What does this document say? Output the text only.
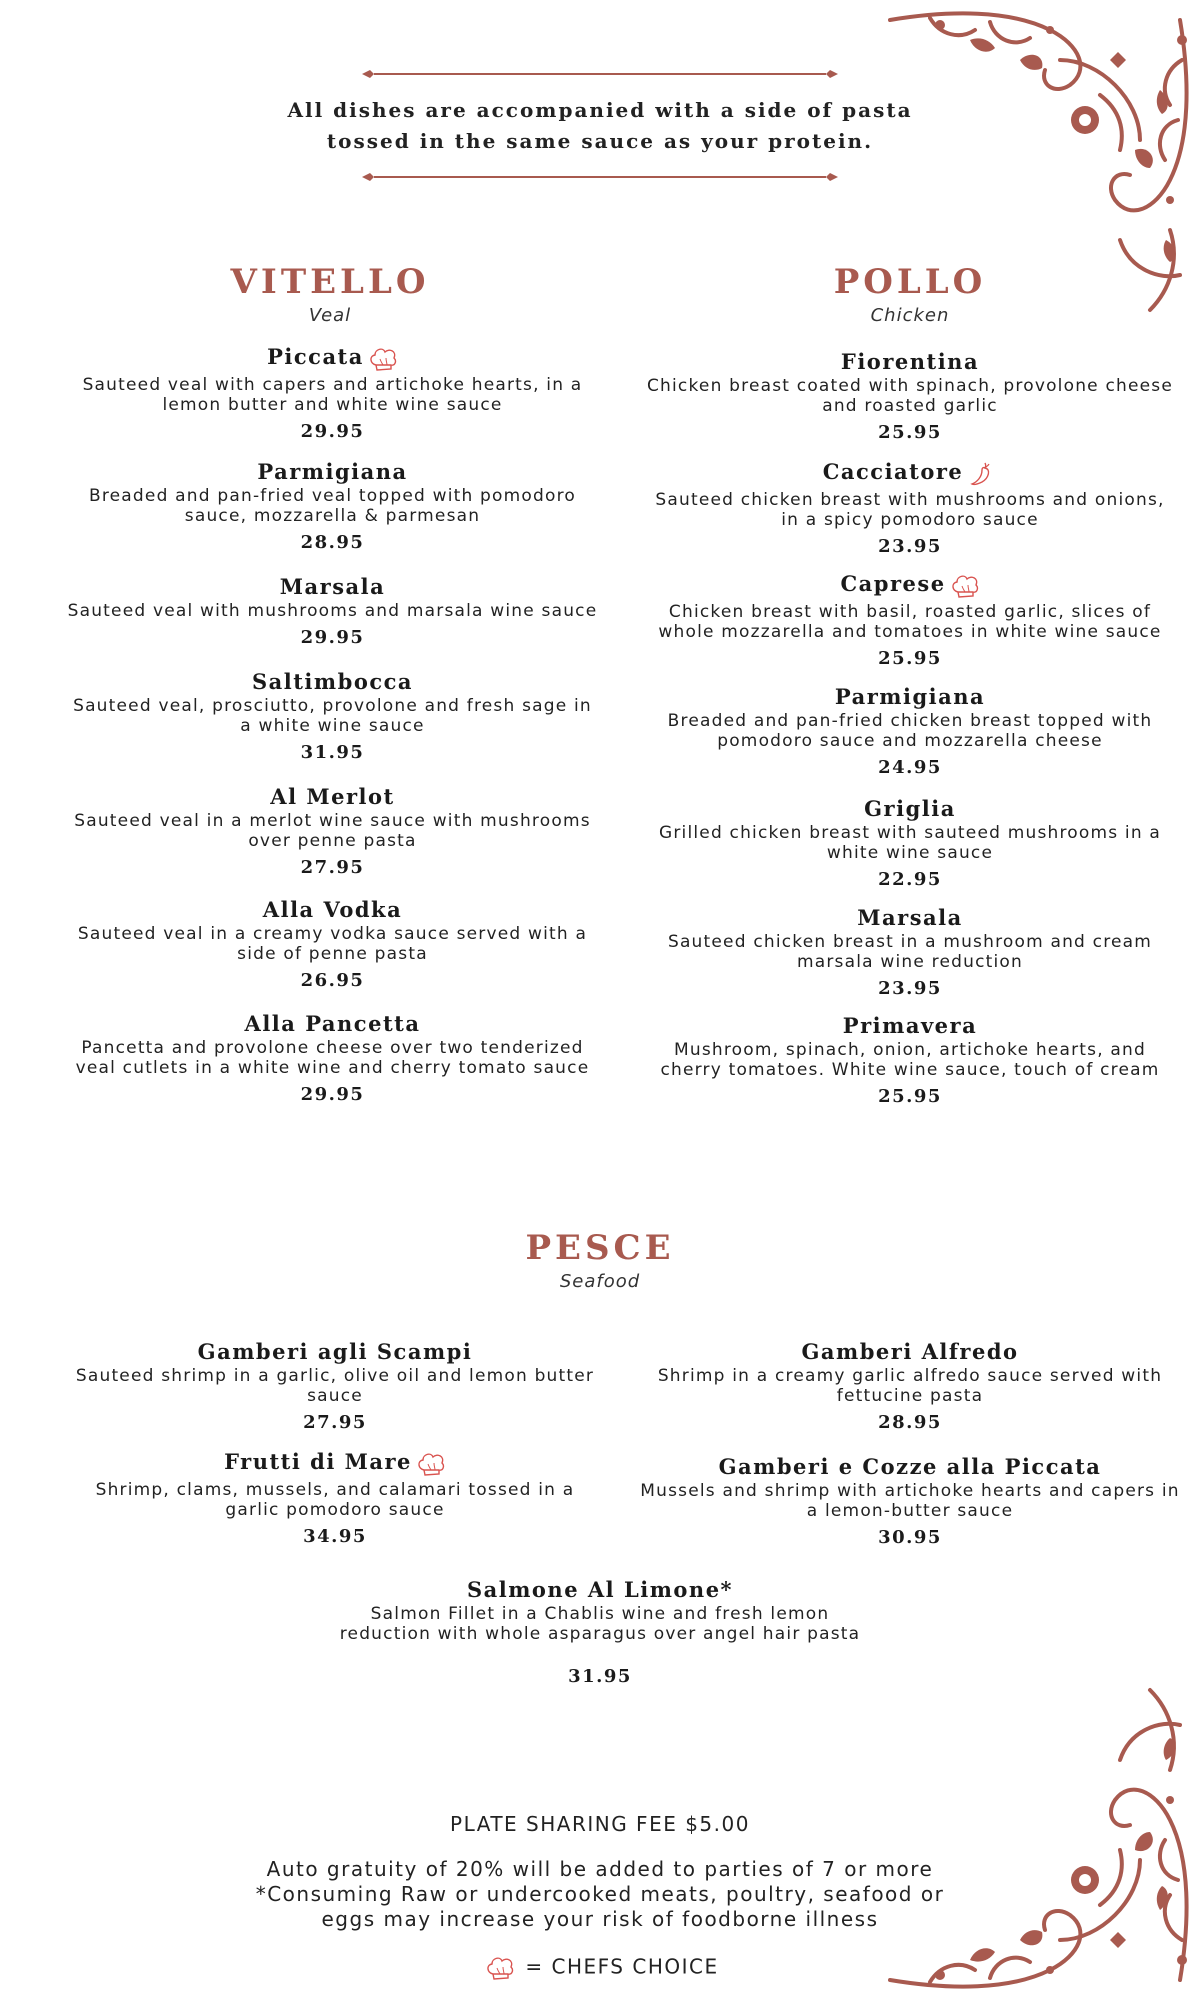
All dishes are accompanied with a side of pasta
tossed in the same sauce as your protein.
VITELLO
Veal
Piccata
Sauteed veal with capers and artichoke hearts, in a lemon butter and white wine sauce
29.95
Parmigiana
Breaded and pan-fried veal topped with pomodoro sauce, mozzarella & parmesan
28.95
Marsala
Sauteed veal with mushrooms and marsala wine sauce
29.95
Saltimbocca
Sauteed veal, prosciutto, provolone and fresh sage in a white wine sauce
31.95
Al Merlot
Sauteed veal in a merlot wine sauce with mushrooms over penne pasta
27.95
Alla Vodka
Sauteed veal in a creamy vodka sauce served with a side of penne pasta
26.95
Alla Pancetta
Pancetta and provolone cheese over two tenderized veal cutlets in a white wine and cherry tomato sauce
29.95
POLLO
Chicken
Fiorentina
Chicken breast coated with spinach, provolone cheese and roasted garlic
25.95
Cacciatore
Sauteed chicken breast with mushrooms and onions, in a spicy pomodoro sauce
23.95
Caprese
Chicken breast with basil, roasted garlic, slices of whole mozzarella and tomatoes in white wine sauce
25.95
Parmigiana
Breaded and pan-fried chicken breast topped with pomodoro sauce and mozzarella cheese
24.95
Griglia
Grilled chicken breast with sauteed mushrooms in a white wine sauce
22.95
Marsala
Sauteed chicken breast in a mushroom and cream marsala wine reduction
23.95
Primavera
Mushroom, spinach, onion, artichoke hearts, and cherry tomatoes. White wine sauce, touch of cream
25.95
PESCE
Seafood
Gamberi agli Scampi
Sauteed shrimp in a garlic, olive oil and lemon butter sauce
27.95
Gamberi Alfredo
Shrimp in a creamy garlic alfredo sauce served with fettucine pasta
28.95
Frutti di Mare
Shrimp, clams, mussels, and calamari tossed in a garlic pomodoro sauce
34.95
Gamberi e Cozze alla Piccata
Mussels and shrimp with artichoke hearts and capers in a lemon-butter sauce
30.95
Salmone Al Limone*
Salmon Fillet in a Chablis wine and fresh lemon
reduction with whole asparagus over angel hair pasta
31.95
PLATE SHARING FEE $5.00
Auto gratuity of 20% will be added to parties of 7 or more
*Consuming Raw or undercooked meats, poultry, seafood or
eggs may increase your risk of foodborne illness
= CHEFS CHOICE
